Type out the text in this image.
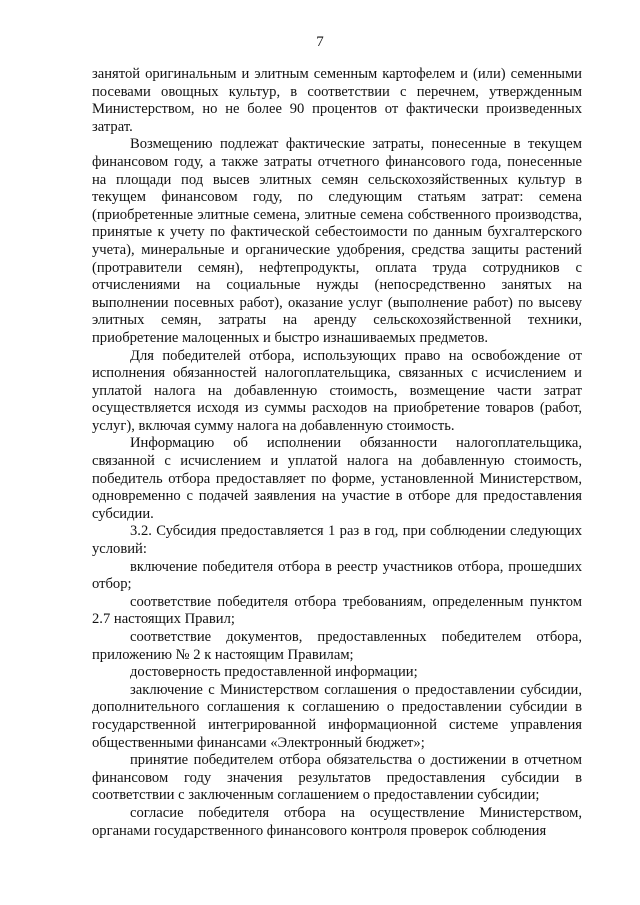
7

занятой оригинальным и элитным семенным картофелем и (или) семенными посевами овощных культур, в соответствии с перечнем, утвержденным Министерством, но не более 90 процентов от фактически произведенных затрат.

Возмещению подлежат фактические затраты, понесенные в текущем финансовом году, а также затраты отчетного финансового года, понесенные на площади под высев элитных семян сельскохозяйственных культур в текущем финансовом году, по следующим статьям затрат: семена (приобретенные элитные семена, элитные семена собственного производства, принятые к учету по фактической себестоимости по данным бухгалтерского учета), минеральные и органические удобрения, средства защиты растений (протравители семян), нефтепродукты, оплата труда сотрудников с отчислениями на социальные нужды (непосредственно занятых на выполнении посевных работ), оказание услуг (выполнение работ) по высеву элитных семян, затраты на аренду сельскохозяйственной техники, приобретение малоценных и быстро изнашиваемых предметов.

Для победителей отбора, использующих право на освобождение от исполнения обязанностей налогоплательщика, связанных с исчислением и уплатой налога на добавленную стоимость, возмещение части затрат осуществляется исходя из суммы расходов на приобретение товаров (работ, услуг), включая сумму налога на добавленную стоимость.

Информацию об исполнении обязанности налогоплательщика, связанной с исчислением и уплатой налога на добавленную стоимость, победитель отбора предоставляет по форме, установленной Министерством, одновременно с подачей заявления на участие в отборе для предоставления субсидии.

3.2. Субсидия предоставляется 1 раз в год, при соблюдении следующих условий:

включение победителя отбора в реестр участников отбора, прошедших отбор;

соответствие победителя отбора требованиям, определенным пунктом 2.7 настоящих Правил;

соответствие документов, предоставленных победителем отбора, приложению № 2 к настоящим Правилам;

достоверность предоставленной информации;

заключение с Министерством соглашения о предоставлении субсидии, дополнительного соглашения к соглашению о предоставлении субсидии в государственной интегрированной информационной системе управления общественными финансами «Электронный бюджет»;

принятие победителем отбора обязательства о достижении в отчетном финансовом году значения результатов предоставления субсидии в соответствии с заключенным соглашением о предоставлении субсидии;

согласие победителя отбора на осуществление Министерством, органами государственного финансового контроля проверок соблюдения
